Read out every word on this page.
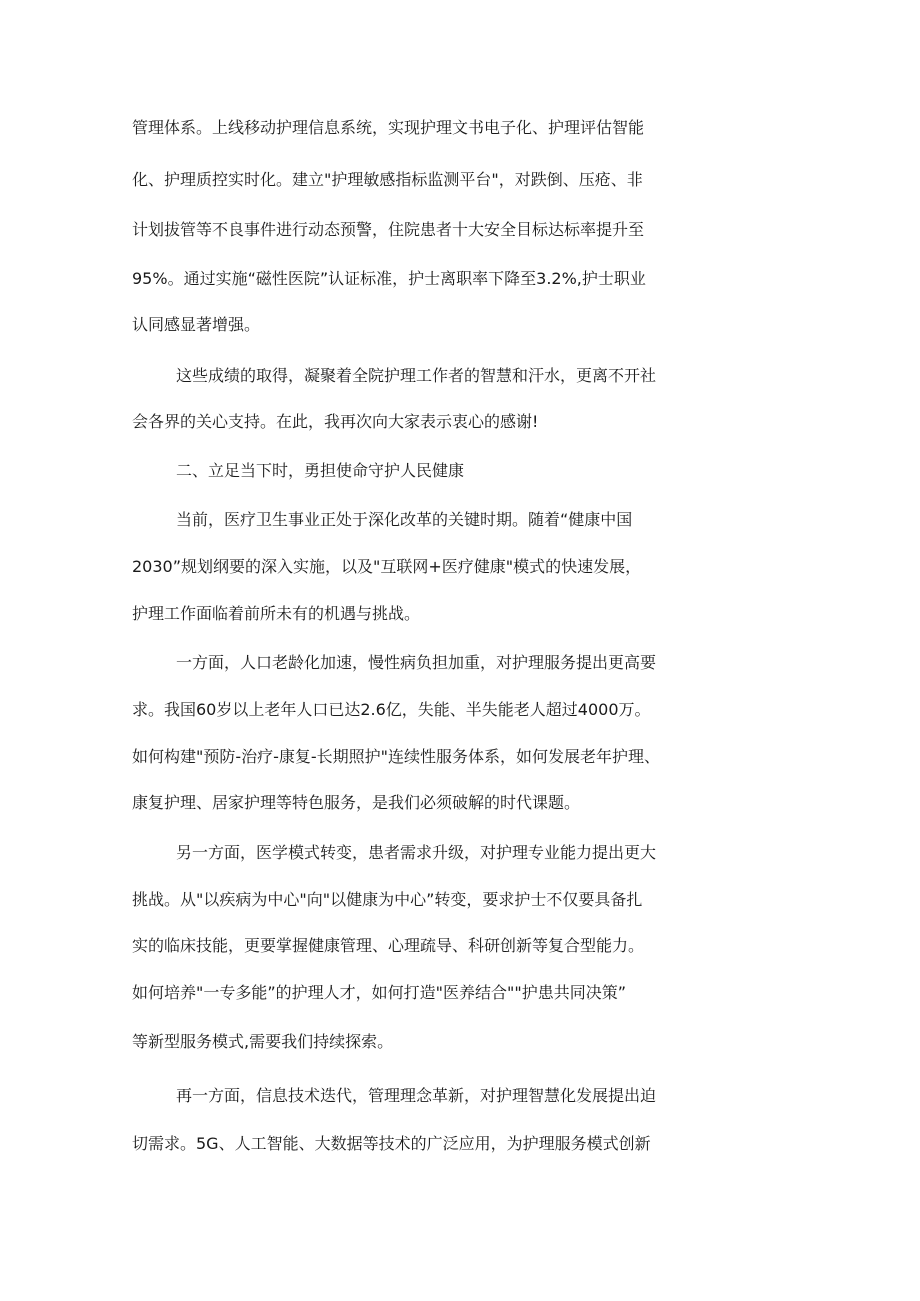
管理体系。上线移动护理信息系统，实现护理文书电子化、护理评估智能
化、护理质控实时化。建立"护理敏感指标监测平台"，对跌倒、压疮、非
计划拔管等不良事件进行动态预警，住院患者十大安全目标达标率提升至
95%。通过实施“磁性医院”认证标准，护士离职率下降至3.2%,护士职业
认同感显著增强。
这些成绩的取得，凝聚着全院护理工作者的智慧和汗水，更离不开社
会各界的关心支持。在此，我再次向大家表示衷心的感谢!
二、立足当下时，勇担使命守护人民健康
当前，医疗卫生事业正处于深化改革的关键时期。随着“健康中国
2030”规划纲要的深入实施，以及"互联网+医疗健康"模式的快速发展，
护理工作面临着前所未有的机遇与挑战。
一方面，人口老龄化加速，慢性病负担加重，对护理服务提出更高要
求。我国60岁以上老年人口已达2.6亿，失能、半失能老人超过4000万。
如何构建"预防-治疗-康复-长期照护"连续性服务体系，如何发展老年护理、
康复护理、居家护理等特色服务，是我们必须破解的时代课题。
另一方面，医学模式转变，患者需求升级，对护理专业能力提出更大
挑战。从"以疾病为中心"向"以健康为中心”转变，要求护士不仅要具备扎
实的临床技能，更要掌握健康管理、心理疏导、科研创新等复合型能力。
如何培养"一专多能”的护理人才，如何打造"医养结合""护患共同决策”
等新型服务模式,需要我们持续探索。
再一方面，信息技术迭代，管理理念革新，对护理智慧化发展提出迫
切需求。5G、人工智能、大数据等技术的广泛应用，为护理服务模式创新
